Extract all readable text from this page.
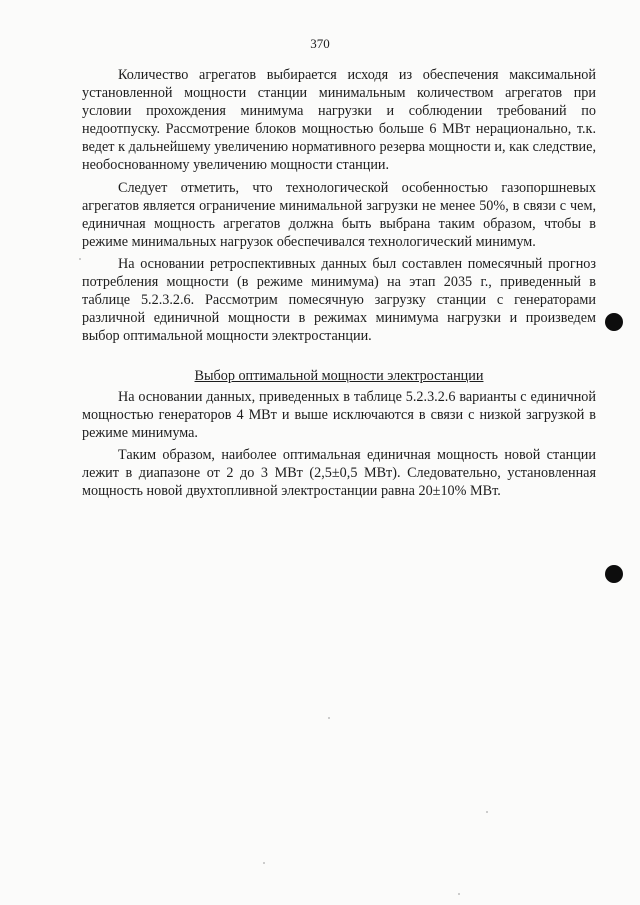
370

Количество агрегатов выбирается исходя из обеспечения максимальной установленной мощности станции минимальным количеством агрегатов при условии прохождения минимума нагрузки и соблюдении требований по недоотпуску. Рассмотрение блоков мощностью больше 6 МВт нерационально, т.к. ведет к дальнейшему увеличению нормативного резерва мощности и, как следствие, необоснованному увеличению мощности станции.

Следует отметить, что технологической особенностью газопоршневых агрегатов является ограничение минимальной загрузки не менее 50%, в связи с чем, единичная мощность агрегатов должна быть выбрана таким образом, чтобы в режиме минимальных нагрузок обеспечивался технологический минимум.

На основании ретроспективных данных был составлен помесячный прогноз потребления мощности (в режиме минимума) на этап 2035 г., приведенный в таблице 5.2.3.2.6. Рассмотрим помесячную загрузку станции с генераторами различной единичной мощности в режимах минимума нагрузки и произведем выбор оптимальной мощности электростанции.

Выбор оптимальной мощности электростанции

На основании данных, приведенных в таблице 5.2.3.2.6 варианты с единичной мощностью генераторов 4 МВт и выше исключаются в связи с низкой загрузкой в режиме минимума.

Таким образом, наиболее оптимальная единичная мощность новой станции лежит в диапазоне от 2 до 3 МВт (2,5±0,5 МВт). Следовательно, установленная мощность новой двухтопливной электростанции равна 20±10% МВт.
